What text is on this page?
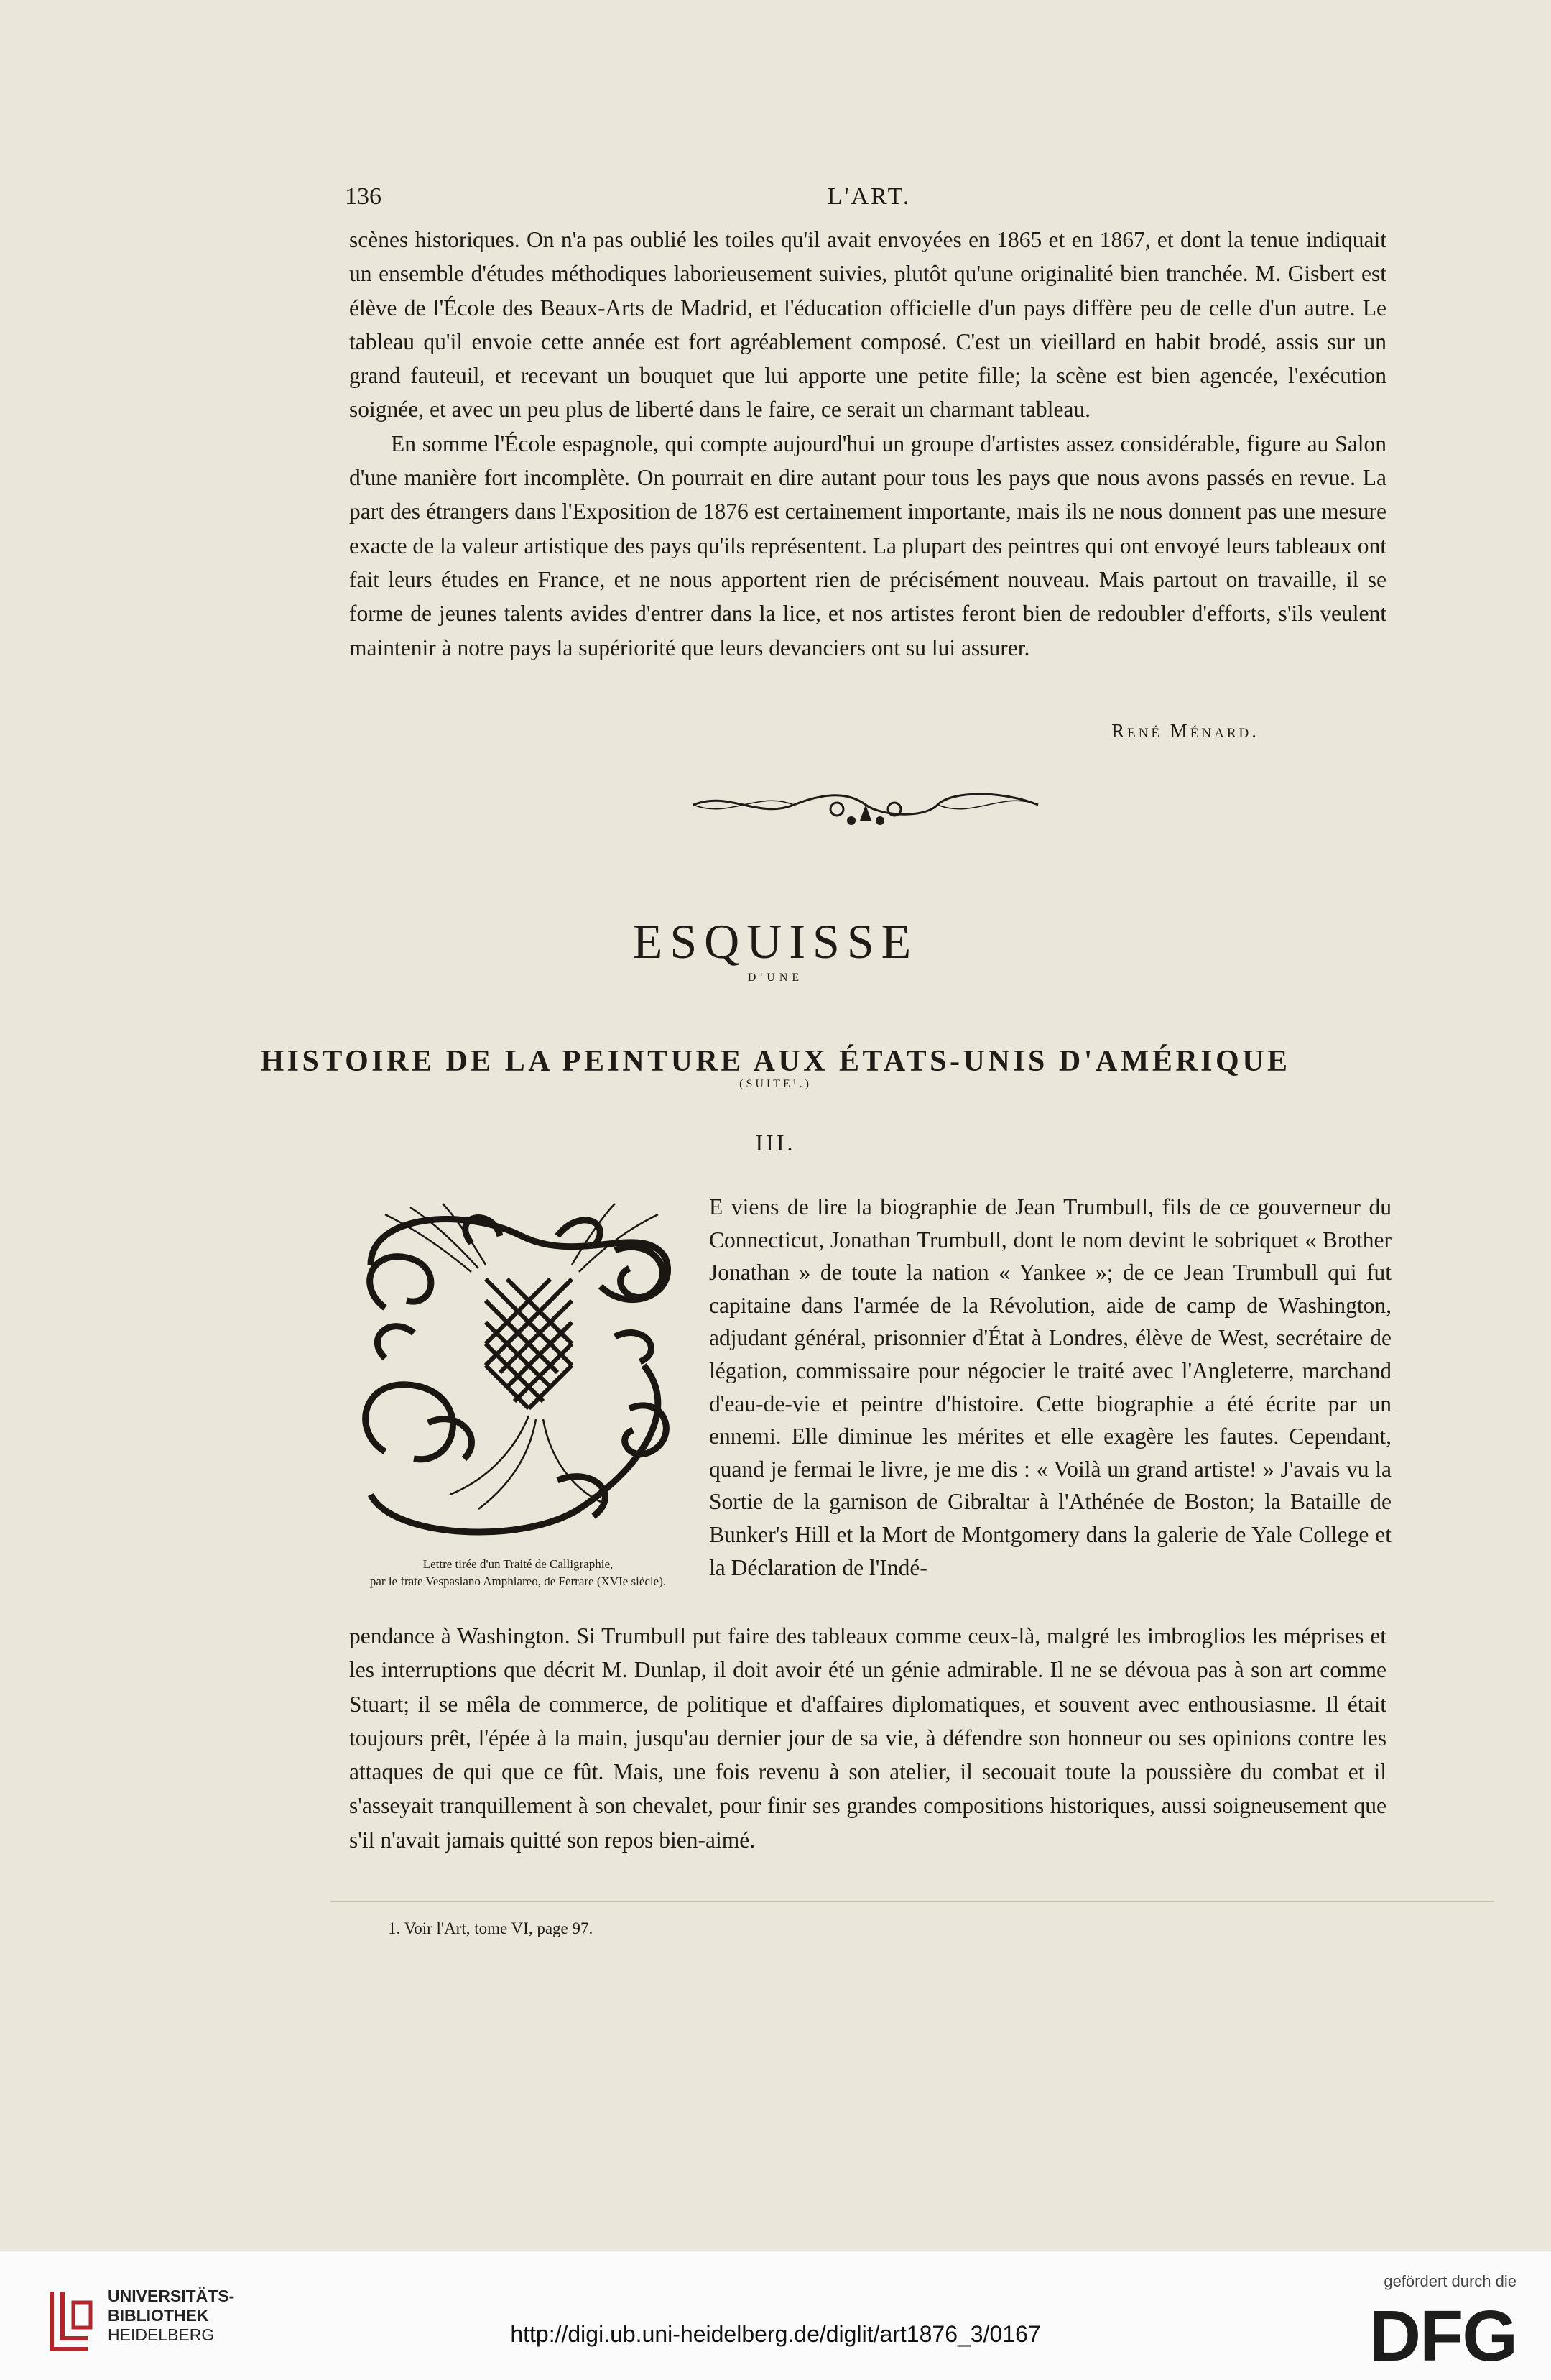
136	L'ART.

scènes historiques. On n'a pas oublié les toiles qu'il avait envoyées en 1865 et en 1867, et dont la tenue indiquait un ensemble d'études méthodiques laborieusement suivies, plutôt qu'une originalité bien tranchée. M. Gisbert est élève de l'École des Beaux-Arts de Madrid, et l'éducation officielle d'un pays diffère peu de celle d'un autre. Le tableau qu'il envoie cette année est fort agréablement composé. C'est un vieillard en habit brodé, assis sur un grand fauteuil, et recevant un bouquet que lui apporte une petite fille; la scène est bien agencée, l'exécution soignée, et avec un peu plus de liberté dans le faire, ce serait un charmant tableau.

En somme l'École espagnole, qui compte aujourd'hui un groupe d'artistes assez considérable, figure au Salon d'une manière fort incomplète. On pourrait en dire autant pour tous les pays que nous avons passés en revue. La part des étrangers dans l'Exposition de 1876 est certainement importante, mais ils ne nous donnent pas une mesure exacte de la valeur artistique des pays qu'ils représentent. La plupart des peintres qui ont envoyé leurs tableaux ont fait leurs études en France, et ne nous apportent rien de précisément nouveau. Mais partout on travaille, il se forme de jeunes talents avides d'entrer dans la lice, et nos artistes feront bien de redoubler d'efforts, s'ils veulent maintenir à notre pays la supériorité que leurs devanciers ont su lui assurer.

René Ménard.
ESQUISSE
D'UNE
HISTOIRE DE LA PEINTURE AUX ÉTATS-UNIS D'AMÉRIQUE
(SUITE¹.)
III.
Lettre tirée d'un Traité de Calligraphie,
par le frate Vespasiano Amphiareo, de Ferrare (XVIe siècle).

E viens de lire la biographie de Jean Trumbull, fils de ce gouverneur du Connecticut, Jonathan Trumbull, dont le nom devint le sobriquet « Brother Jonathan » de toute la nation « Yankee »; de ce Jean Trumbull qui fut capitaine dans l'armée de la Révolution, aide de camp de Washington, adjudant général, prisonnier d'État à Londres, élève de West, secrétaire de légation, commissaire pour négocier le traité avec l'Angleterre, marchand d'eau-de-vie et peintre d'histoire. Cette biographie a été écrite par un ennemi. Elle diminue les mérites et elle exagère les fautes. Cependant, quand je fermai le livre, je me dis : « Voilà un grand artiste! » J'avais vu la Sortie de la garnison de Gibraltar à l'Athénée de Boston; la Bataille de Bunker's Hill et la Mort de Montgomery dans la galerie de Yale College et la Déclaration de l'Indé-

pendance à Washington. Si Trumbull put faire des tableaux comme ceux-là, malgré les imbroglios les méprises et les interruptions que décrit M. Dunlap, il doit avoir été un génie admirable. Il ne se dévoua pas à son art comme Stuart; il se mêla de commerce, de politique et d'affaires diplomatiques, et souvent avec enthousiasme. Il était toujours prêt, l'épée à la main, jusqu'au dernier jour de sa vie, à défendre son honneur ou ses opinions contre les attaques de qui que ce fût. Mais, une fois revenu à son atelier, il secouait toute la poussière du combat et il s'asseyait tranquillement à son chevalet, pour finir ses grandes compositions historiques, aussi soigneusement que s'il n'avait jamais quitté son repos bien-aimé.

1. Voir l'Art, tome VI, page 97.
UNIVERSITÄTS-
BIBLIOTHEK
HEIDELBERG	http://digi.ub.uni-heidelberg.de/diglit/art1876_3/0167
gefördert durch die
DFG
